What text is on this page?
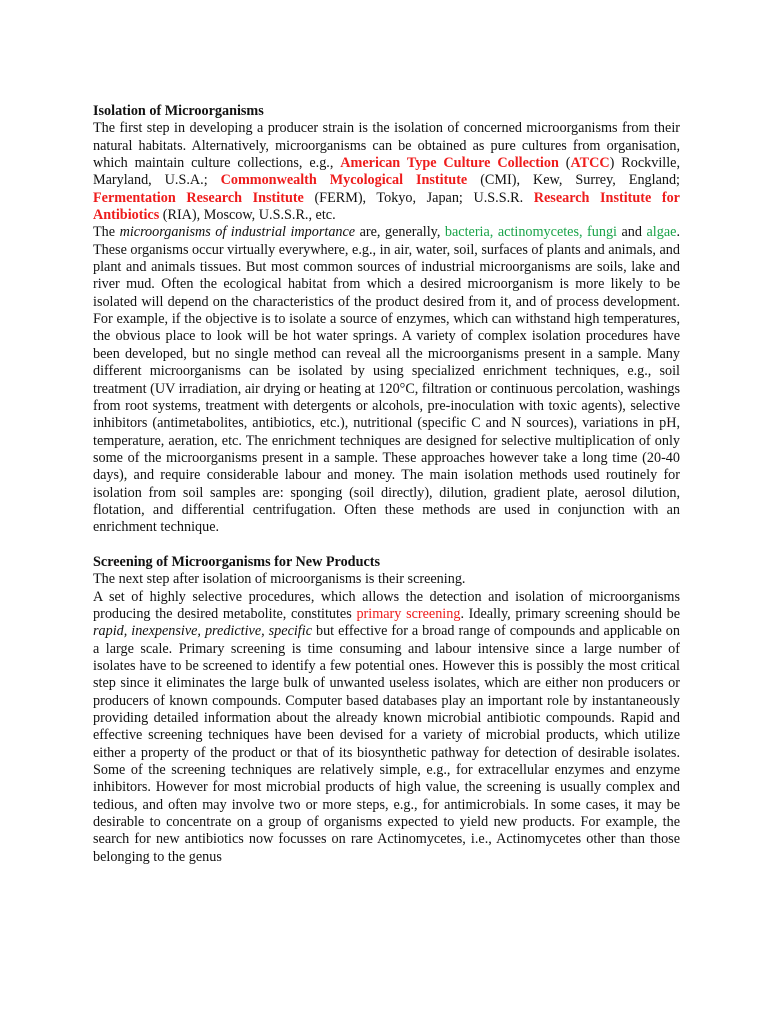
Isolation of Microorganisms

The first step in developing a producer strain is the isolation of concerned microorganisms from their natural habitats. Alternatively, microorganisms can be obtained as pure cultures from organisation, which maintain culture collections, e.g., American Type Culture Collection (ATCC) Rockville, Maryland, U.S.A.; Commonwealth Mycological Institute (CMI), Kew, Surrey, England; Fermentation Research Institute (FERM), Tokyo, Japan; U.S.S.R. Research Institute for Antibiotics (RIA), Moscow, U.S.S.R., etc.

The microorganisms of industrial importance are, generally, bacteria, actinomycetes, fungi and algae. These organisms occur virtually everywhere, e.g., in air, water, soil, surfaces of plants and animals, and plant and animals tissues. But most common sources of industrial microorganisms are soils, lake and river mud. Often the ecological habitat from which a desired microorganism is more likely to be isolated will depend on the characteristics of the product desired from it, and of process development. For example, if the objective is to isolate a source of enzymes, which can withstand high temperatures, the obvious place to look will be hot water springs. A variety of complex isolation procedures have been developed, but no single method can reveal all the microorganisms present in a sample. Many different microorganisms can be isolated by using specialized enrichment techniques, e.g., soil treatment (UV irradiation, air drying or heating at 120°C, filtration or continuous percolation, washings from root systems, treatment with detergents or alcohols, pre-inoculation with toxic agents), selective inhibitors (antimetabolites, antibiotics, etc.), nutritional (specific C and N sources), variations in pH, temperature, aeration, etc. The enrichment techniques are designed for selective multiplication of only some of the microorganisms present in a sample. These approaches however take a long time (20-40 days), and require considerable labour and money. The main isolation methods used routinely for isolation from soil samples are: sponging (soil directly), dilution, gradient plate, aerosol dilution, flotation, and differential centrifugation. Often these methods are used in conjunction with an enrichment technique.

Screening of Microorganisms for New Products

The next step after isolation of microorganisms is their screening.

A set of highly selective procedures, which allows the detection and isolation of microorganisms producing the desired metabolite, constitutes primary screening. Ideally, primary screening should be rapid, inexpensive, predictive, specific but effective for a broad range of compounds and applicable on a large scale. Primary screening is time consuming and labour intensive since a large number of isolates have to be screened to identify a few potential ones. However this is possibly the most critical step since it eliminates the large bulk of unwanted useless isolates, which are either non producers or producers of known compounds. Computer based databases play an important role by instantaneously providing detailed information about the already known microbial antibiotic compounds. Rapid and effective screening techniques have been devised for a variety of microbial products, which utilize either a property of the product or that of its biosynthetic pathway for detection of desirable isolates. Some of the screening techniques are relatively simple, e.g., for extracellular enzymes and enzyme inhibitors. However for most microbial products of high value, the screening is usually complex and tedious, and often may involve two or more steps, e.g., for antimicrobials. In some cases, it may be desirable to concentrate on a group of organisms expected to yield new products. For example, the search for new antibiotics now focusses on rare Actinomycetes, i.e., Actinomycetes other than those belonging to the genus
